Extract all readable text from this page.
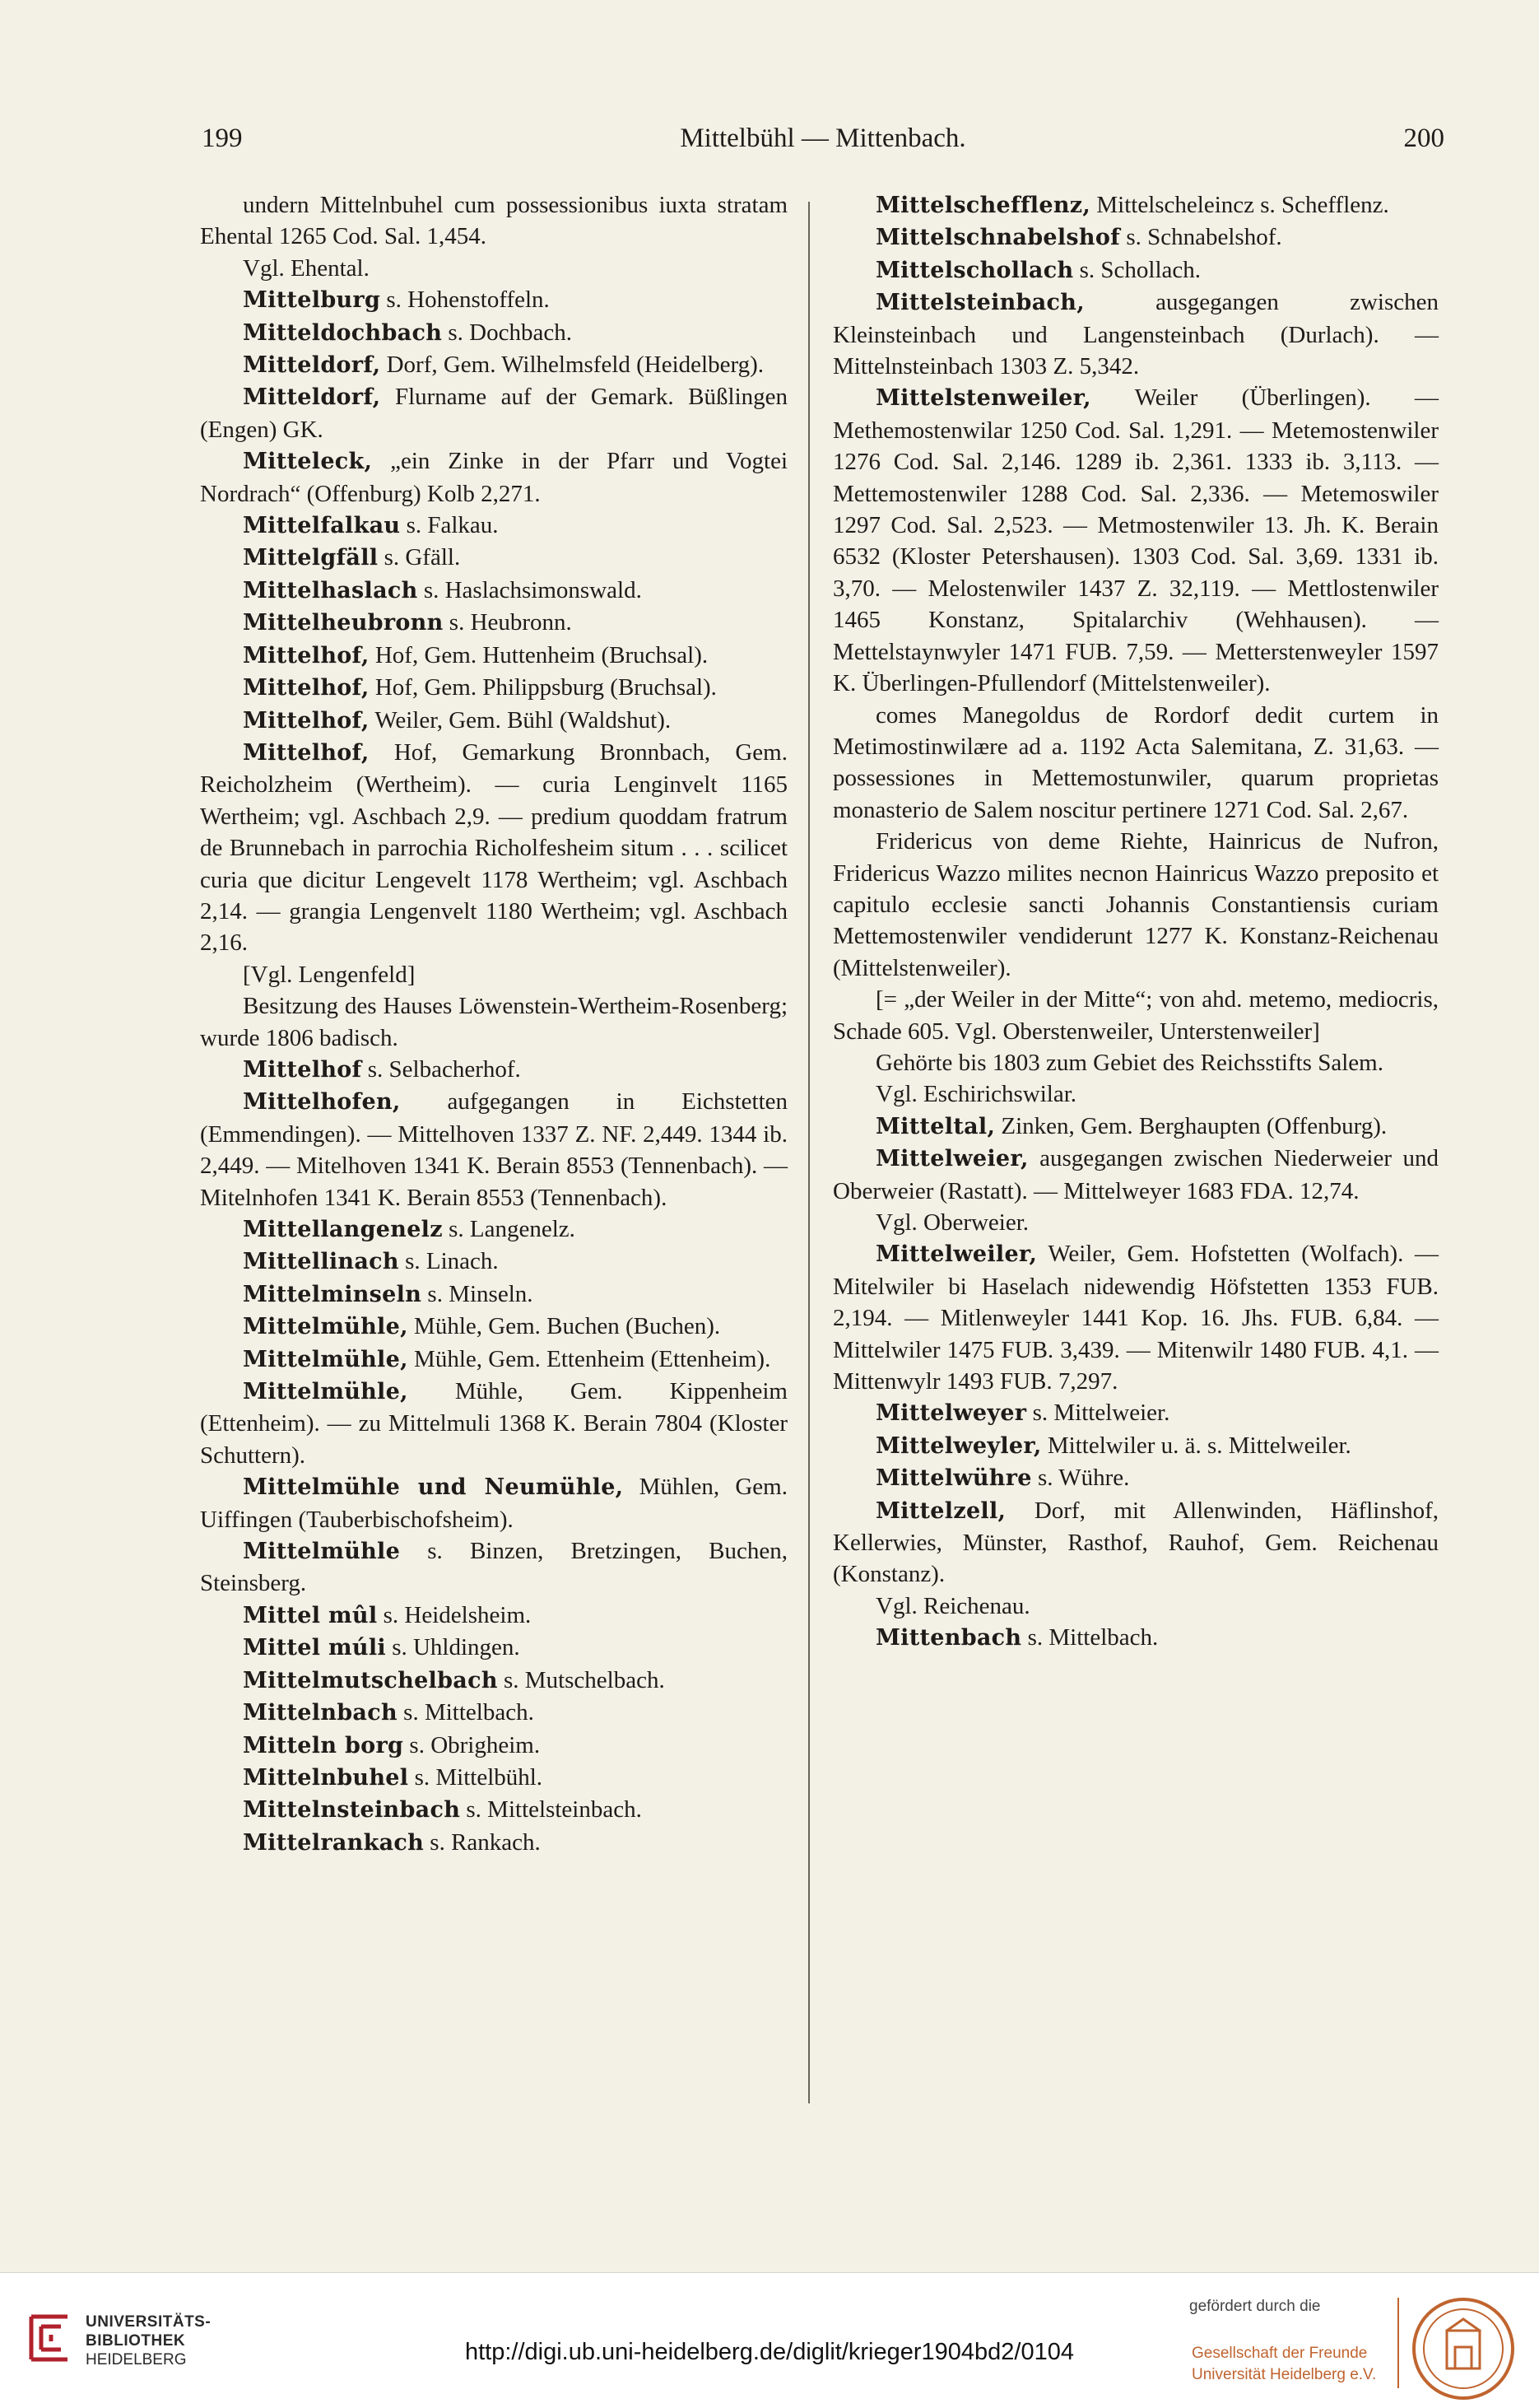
199	Mittelbühl — Mittenbach.	200

undern Mittelnbuhel cum possessionibus iuxta stratam Ehental 1265 Cod. Sal. 1,454.

Vgl. Ehental.

Mittelburg s. Hohenstoffeln.

Mitteldochbach s. Dochbach.

Mitteldorf, Dorf, Gem. Wilhelmsfeld (Heidelberg).

Mitteldorf, Flurname auf der Gemark. Büßlingen (Engen) GK.

Mitteleck, „ein Zinke in der Pfarr und Vogtei Nordrach“ (Offenburg) Kolb 2,271.

Mittelfalkau s. Falkau.

Mittelgfäll s. Gfäll.

Mittelhaslach s. Haslachsimonswald.

Mittelheubronn s. Heubronn.

Mittelhof, Hof, Gem. Huttenheim (Bruchsal).

Mittelhof, Hof, Gem. Philippsburg (Bruchsal).

Mittelhof, Weiler, Gem. Bühl (Waldshut).

Mittelhof, Hof, Gemarkung Bronnbach, Gem. Reicholzheim (Wertheim). — curia Lenginvelt 1165 Wertheim; vgl. Aschbach 2,9. — predium quoddam fratrum de Brunnebach in parrochia Richolfesheim situm . . . scilicet curia que dicitur Lengevelt 1178 Wertheim; vgl. Aschbach 2,14. — grangia Lengenvelt 1180 Wertheim; vgl. Aschbach 2,16.

[Vgl. Lengenfeld]

Besitzung des Hauses Löwenstein-Wertheim-Rosenberg; wurde 1806 badisch.

Mittelhof s. Selbacherhof.

Mittelhofen, aufgegangen in Eichstetten (Emmendingen). — Mittelhoven 1337 Z. NF. 2,449. 1344 ib. 2,449. — Mitelhoven 1341 K. Berain 8553 (Tennenbach). — Mitelnhofen 1341 K. Berain 8553 (Tennenbach).

Mittellangenelz s. Langenelz.

Mittellinach s. Linach.

Mittelminseln s. Minseln.

Mittelmühle, Mühle, Gem. Buchen (Buchen).

Mittelmühle, Mühle, Gem. Ettenheim (Ettenheim).

Mittelmühle, Mühle, Gem. Kippenheim (Ettenheim). — zu Mittelmuli 1368 K. Berain 7804 (Kloster Schuttern).

Mittelmühle und Neumühle, Mühlen, Gem. Uiffingen (Tauberbischofsheim).

Mittelmühle s. Binzen, Bretzingen, Buchen, Steinsberg.

Mittel mûl s. Heidelsheim.

Mittel múli s. Uhldingen.

Mittelmutschelbach s. Mutschelbach.

Mittelnbach s. Mittelbach.

Mitteln borg s. Obrigheim.

Mittelnbuhel s. Mittelbühl.

Mittelnsteinbach s. Mittelsteinbach.

Mittelrankach s. Rankach.

Mittelschefflenz, Mittelscheleincz s. Schefflenz.

Mittelschnabelshof s. Schnabelshof.

Mittelschollach s. Schollach.

Mittelsteinbach, ausgegangen zwischen Kleinsteinbach und Langensteinbach (Durlach). — Mittelnsteinbach 1303 Z. 5,342.

Mittelstenweiler, Weiler (Überlingen). — Methemostenwilar 1250 Cod. Sal. 1,291. — Metemostenwiler 1276 Cod. Sal. 2,146. 1289 ib. 2,361. 1333 ib. 3,113. — Mettemostenwiler 1288 Cod. Sal. 2,336. — Metemoswiler 1297 Cod. Sal. 2,523. — Metmostenwiler 13. Jh. K. Berain 6532 (Kloster Petershausen). 1303 Cod. Sal. 3,69. 1331 ib. 3,70. — Melostenwiler 1437 Z. 32,119. — Mettlostenwiler 1465 Konstanz, Spitalarchiv (Wehhausen). — Mettelstaynwyler 1471 FUB. 7,59. — Metterstenweyler 1597 K. Überlingen-Pfullendorf (Mittelstenweiler).

comes Manegoldus de Rordorf dedit curtem in Metimostinwilære ad a. 1192 Acta Salemitana, Z. 31,63. — possessiones in Mettemostunwiler, quarum proprietas monasterio de Salem noscitur pertinere 1271 Cod. Sal. 2,67.

Fridericus von deme Riehte, Hainricus de Nufron, Fridericus Wazzo milites necnon Hainricus Wazzo preposito et capitulo ecclesie sancti Johannis Constantiensis curiam Mettemostenwiler vendiderunt 1277 K. Konstanz-Reichenau (Mittelstenweiler).

[= „der Weiler in der Mitte“; von ahd. metemo, mediocris, Schade 605. Vgl. Oberstenweiler, Unterstenweiler]

Gehörte bis 1803 zum Gebiet des Reichsstifts Salem.

Vgl. Eschirichswilar.

Mitteltal, Zinken, Gem. Berghaupten (Offenburg).

Mittelweier, ausgegangen zwischen Niederweier und Oberweier (Rastatt). — Mittelweyer 1683 FDA. 12,74.

Vgl. Oberweier.

Mittelweiler, Weiler, Gem. Hofstetten (Wolfach). — Mitelwiler bi Haselach nidewendig Höfstetten 1353 FUB. 2,194. — Mitlenweyler 1441 Kop. 16. Jhs. FUB. 6,84. — Mittelwiler 1475 FUB. 3,439. — Mitenwilr 1480 FUB. 4,1. — Mittenwylr 1493 FUB. 7,297.

Mittelweyer s. Mittelweier.

Mittelweyler, Mittelwiler u. ä. s. Mittelweiler.

Mittelwühre s. Wühre.

Mittelzell, Dorf, mit Allenwinden, Häflinshof, Kellerwies, Münster, Rasthof, Rauhof, Gem. Reichenau (Konstanz).

Vgl. Reichenau.

Mittenbach s. Mittelbach.

UNIVERSITÄTS-
BIBLIOTHEK
HEIDELBERG	http://digi.ub.uni-heidelberg.de/diglit/krieger1904bd2/0104
gefördert durch die
Gesellschaft der Freunde
Universität Heidelberg e.V.
